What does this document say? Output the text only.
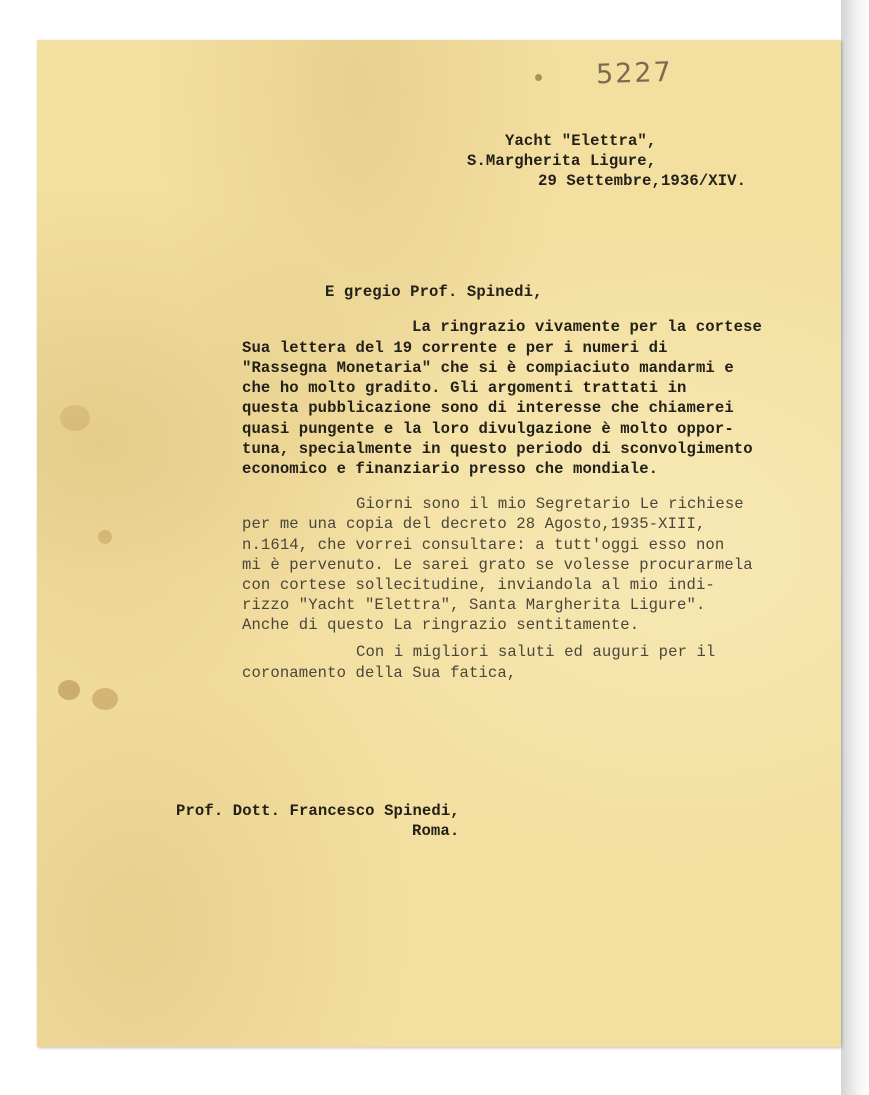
5227
Yacht "Elettra",
S.Margherita Ligure,
29 Settembre,1936/XIV.
E gregio Prof. Spinedi,
La ringrazio vivamente per la cortese
Sua lettera del 19 corrente e per i numeri di
"Rassegna Monetaria" che si è compiaciuto mandarmi e
che ho molto gradito. Gli argomenti trattati in
questa pubblicazione sono di interesse che chiamerei
quasi pungente e la loro divulgazione è molto oppor-
tuna, specialmente in questo periodo di sconvolgimento
economico e finanziario presso che mondiale.
Giorni sono il mio Segretario Le richiese
per me una copia del decreto 28 Agosto,1935-XIII,
n.1614, che vorrei consultare: a tutt'oggi esso non
mi è pervenuto. Le sarei grato se volesse procurarmela
con cortese sollecitudine, inviandola al mio indi-
rizzo "Yacht "Elettra", Santa Margherita Ligure".
Anche di questo La ringrazio sentitamente.
Con i migliori saluti ed auguri per il
coronamento della Sua fatica,
Prof. Dott. Francesco Spinedi,
Roma.
